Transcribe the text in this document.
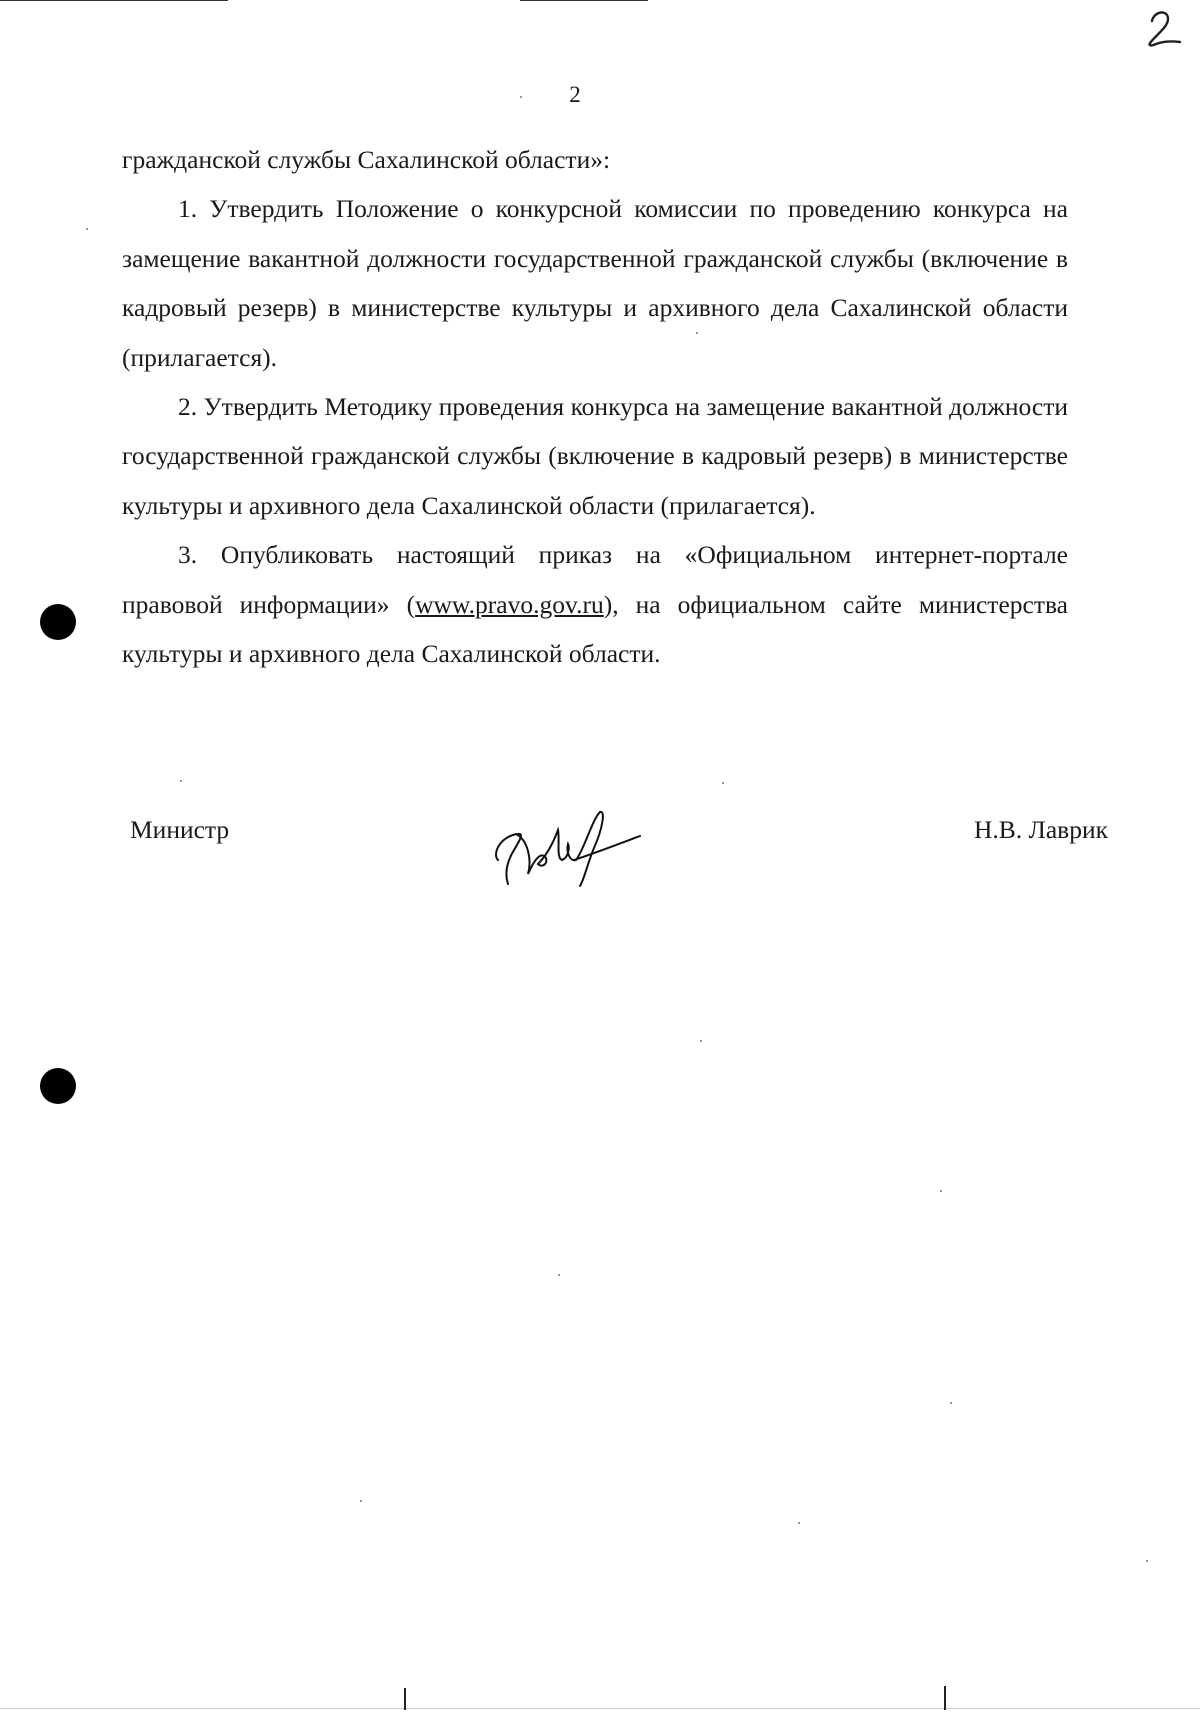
2

гражданской службы Сахалинской области»:

1. Утвердить Положение о конкурсной комиссии по проведению конкурса на замещение вакантной должности государственной гражданской службы (включение в кадровый резерв) в министерстве культуры и архивного дела Сахалинской области (прилагается).

2. Утвердить Методику проведения конкурса на замещение вакантной должности государственной гражданской службы (включение в кадровый резерв) в министерстве культуры и архивного дела Сахалинской области (прилагается).

3. Опубликовать настоящий приказ на «Официальном интернет-портале правовой информации» (www.pravo.gov.ru), на официальном сайте министерства культуры и архивного дела Сахалинской области.

Министр	Н.В. Лаврик
